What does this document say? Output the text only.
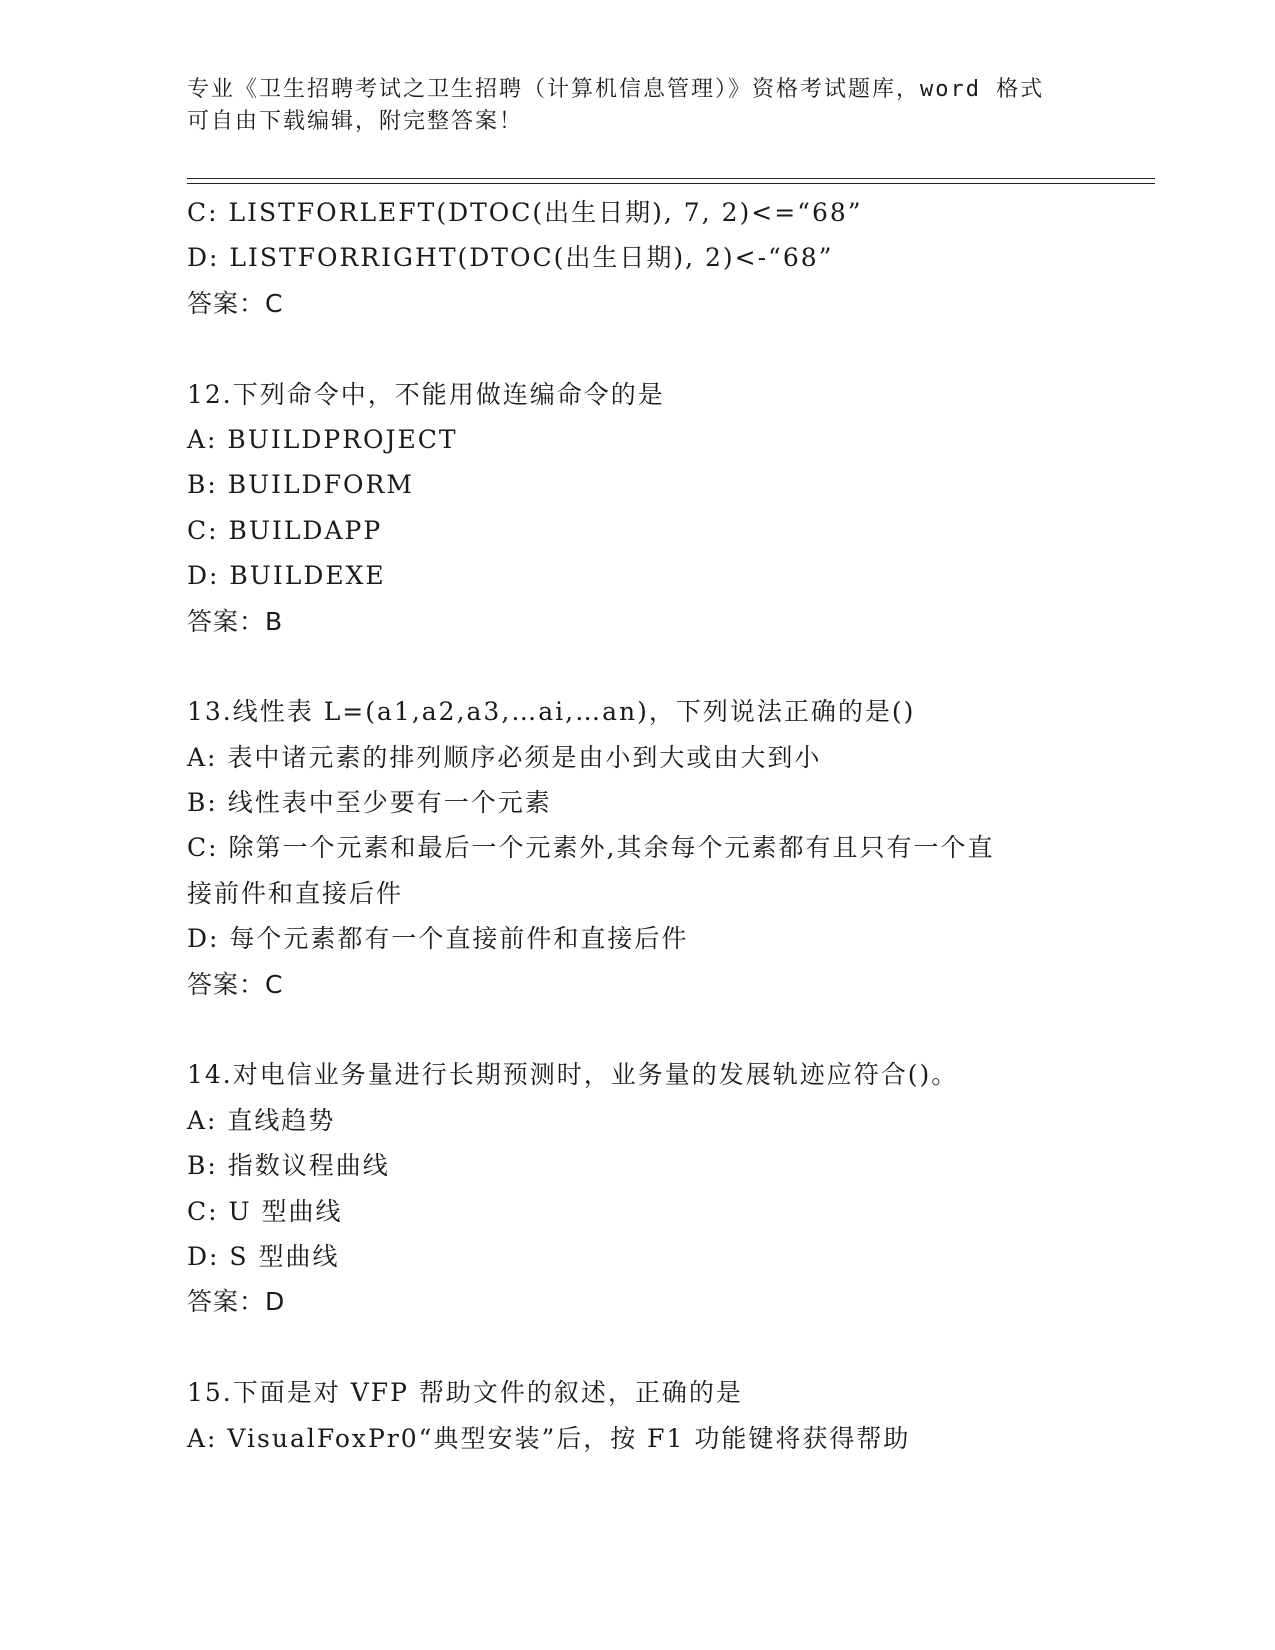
专业《卫生招聘考试之卫生招聘（计算机信息管理）》资格考试题库，word 格式
可自由下载编辑，附完整答案！
C: LISTFORLEFT(DTOC(出生日期), 7, 2)<=“68”
D: LISTFORRIGHT(DTOC(出生日期), 2)<-“68”
答案：C
12.下列命令中，不能用做连编命令的是
A: BUILDPROJECT
B: BUILDFORM
C: BUILDAPP
D: BUILDEXE
答案：B
13.线性表 L=(a1,a2,a3,…ai,…an)，下列说法正确的是()
A: 表中诸元素的排列顺序必须是由小到大或由大到小
B: 线性表中至少要有一个元素
C: 除第一个元素和最后一个元素外,其余每个元素都有且只有一个直
接前件和直接后件
D: 每个元素都有一个直接前件和直接后件
答案：C
14.对电信业务量进行长期预测时，业务量的发展轨迹应符合()。
A: 直线趋势
B: 指数议程曲线
C: U 型曲线
D: S 型曲线
答案：D
15.下面是对 VFP 帮助文件的叙述，正确的是
A: VisualFoxPr0“典型安装”后，按 F1 功能键将获得帮助
